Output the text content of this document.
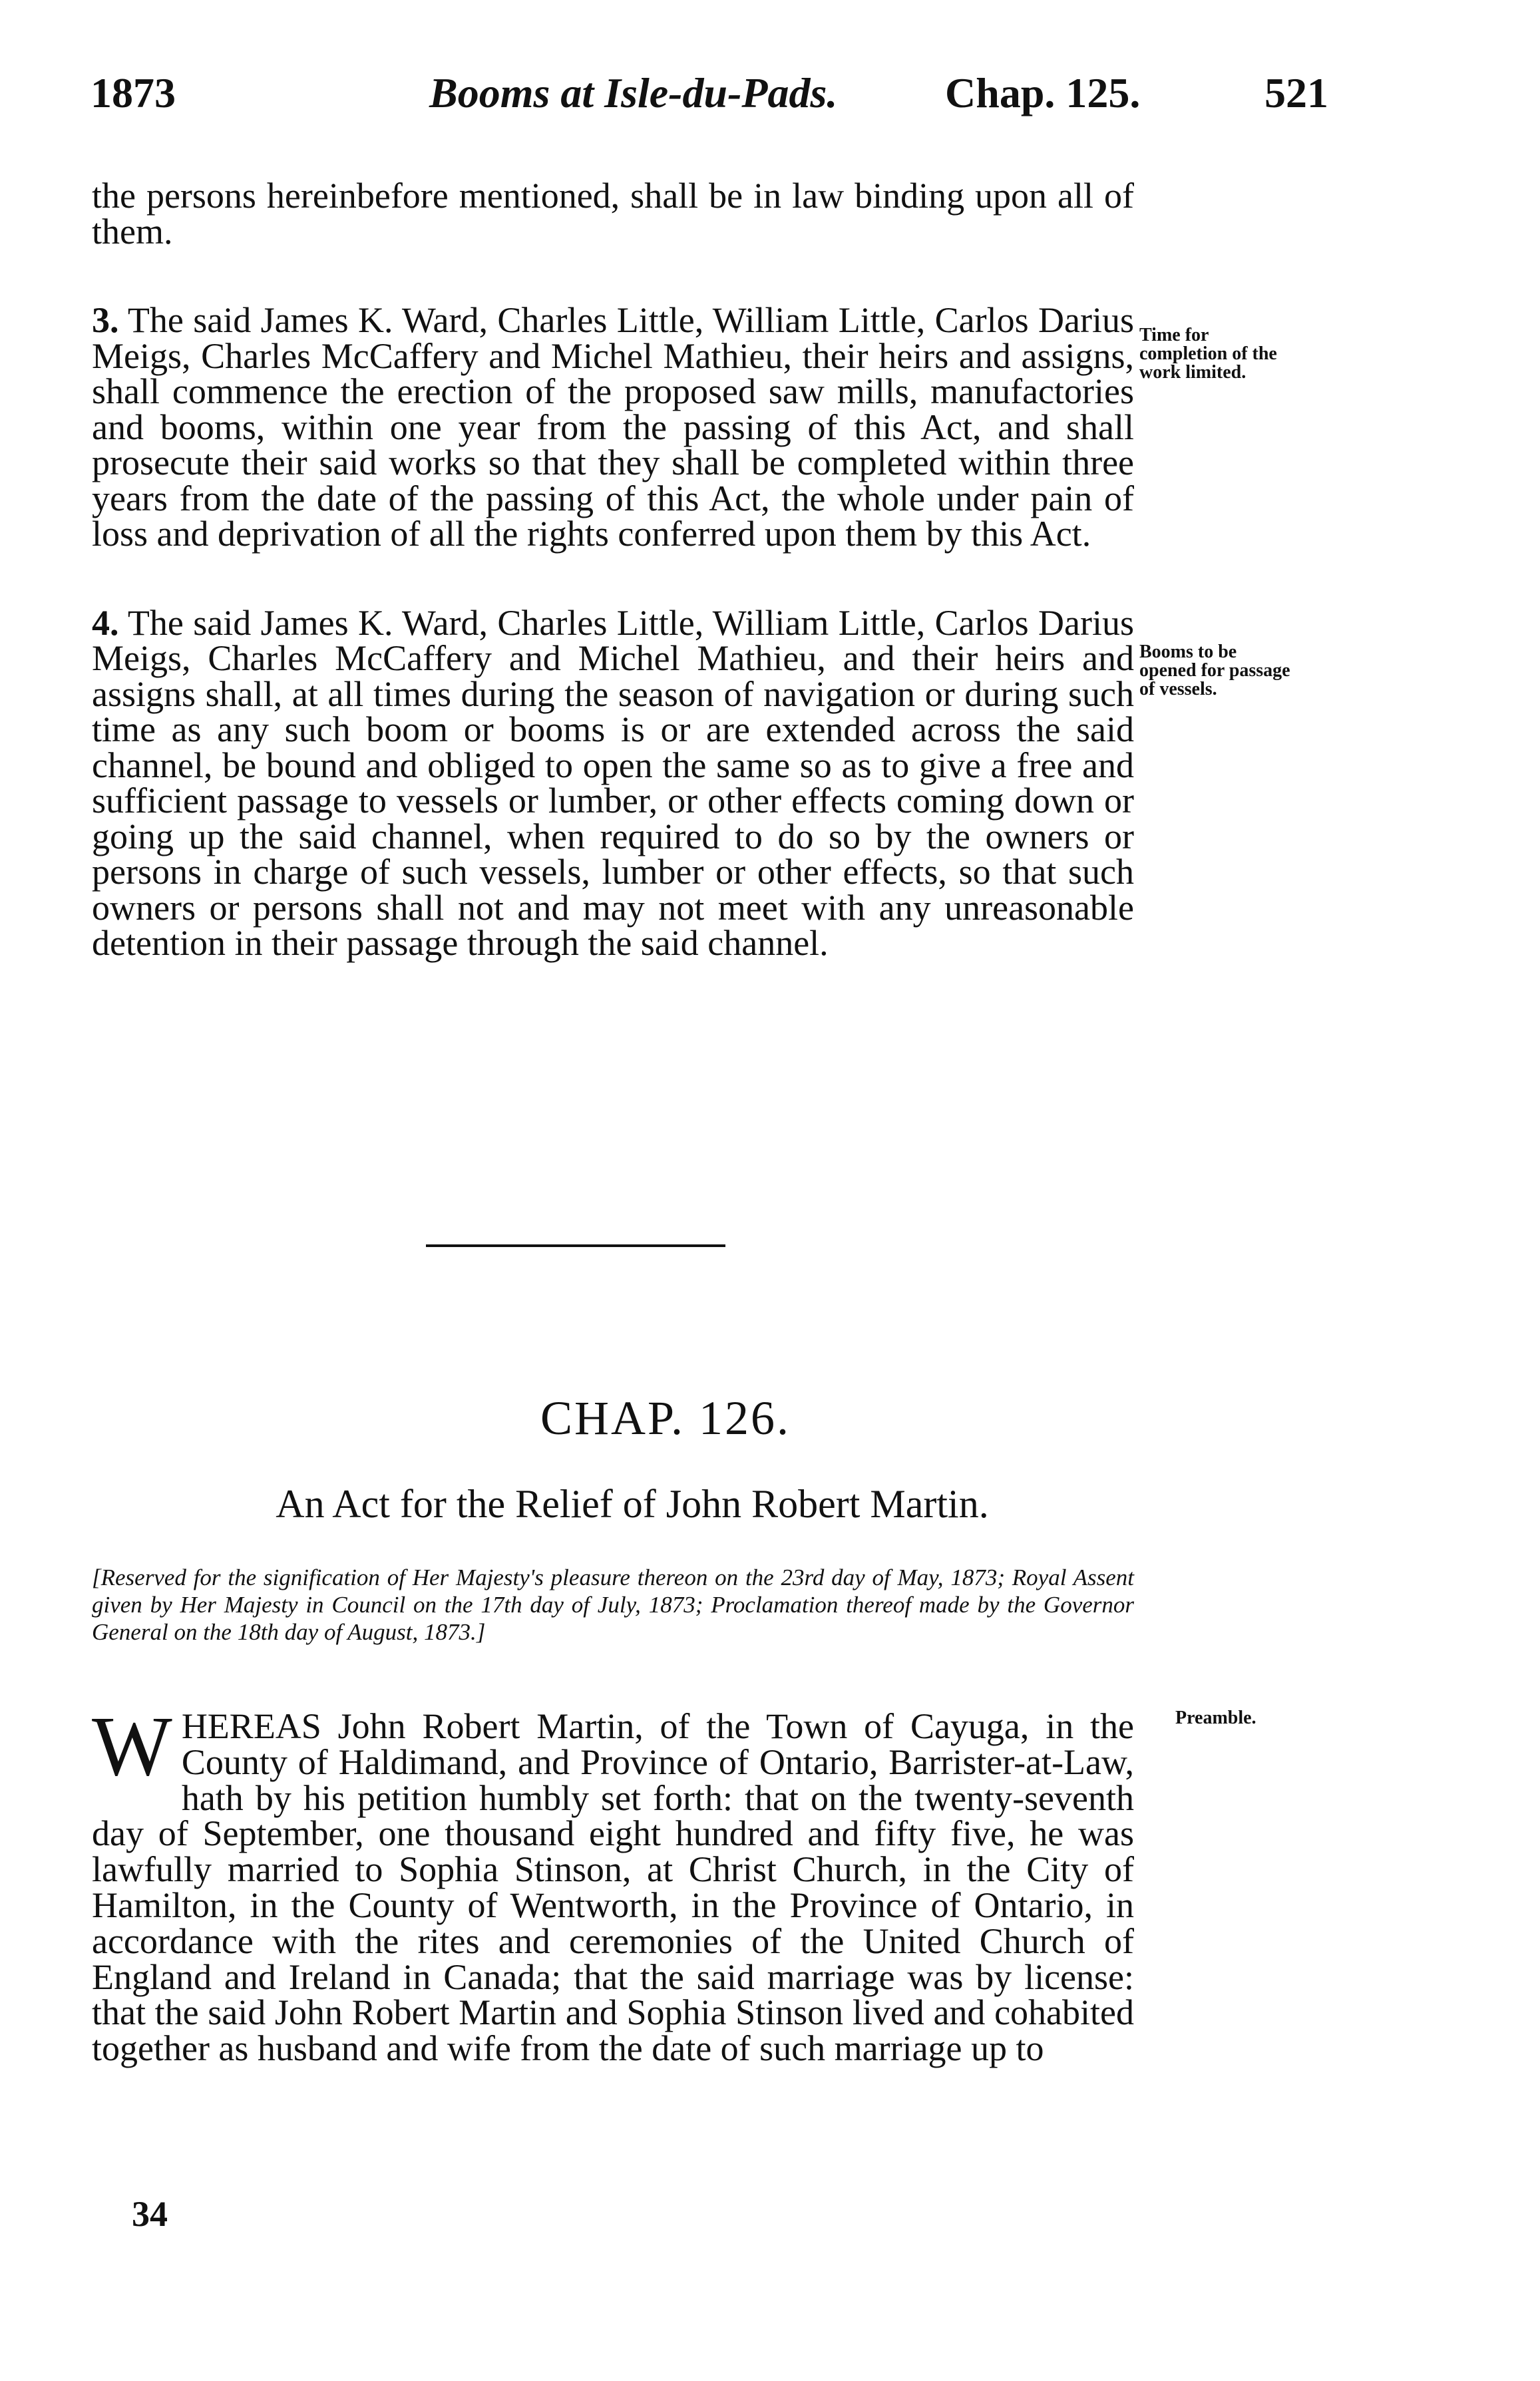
1873	Booms at Isle-du-Pads.	Chap. 125.	521

the persons hereinbefore mentioned, shall be in law binding upon all of them.

3. The said James K. Ward, Charles Little, William Little, Carlos Darius Meigs, Charles McCaffery and Michel Mathieu, their heirs and assigns, shall commence the erection of the proposed saw mills, manufactories and booms, within one year from the passing of this Act, and shall prosecute their said works so that they shall be completed within three years from the date of the passing of this Act, the whole under pain of loss and deprivation of all the rights conferred upon them by this Act.

4. The said James K. Ward, Charles Little, William Little, Carlos Darius Meigs, Charles McCaffery and Michel Mathieu, and their heirs and assigns shall, at all times during the season of navigation or during such time as any such boom or booms is or are extended across the said channel, be bound and obliged to open the same so as to give a free and sufficient passage to vessels or lumber, or other effects coming down or going up the said channel, when required to do so by the owners or persons in charge of such vessels, lumber or other effects, so that such owners or persons shall not and may not meet with any unreasonable detention in their passage through the said channel.

Time for completion of the work limited.
Booms to be opened for passage of vessels.
CHAP. 126.
An Act for the Relief of John Robert Martin.
[Reserved for the signification of Her Majesty's pleasure thereon on the 23rd day of May, 1873; Royal Assent given by Her Majesty in Council on the 17th day of July, 1873; Proclamation thereof made by the Governor General on the 18th day of August, 1873.]
Preamble.
W HEREAS John Robert Martin, of the Town of Cayuga, in the County of Haldimand, and Province of Ontario, Barrister-at-Law, hath by his petition humbly set forth: that on the twenty-seventh day of September, one thousand eight hundred and fifty five, he was lawfully married to Sophia Stinson, at Christ Church, in the City of Hamilton, in the County of Wentworth, in the Province of Ontario, in accordance with the rites and ceremonies of the United Church of England and Ireland in Canada; that the said marriage was by license: that the said John Robert Martin and Sophia Stinson lived and cohabited together as husband and wife from the date of such marriage up to
34
